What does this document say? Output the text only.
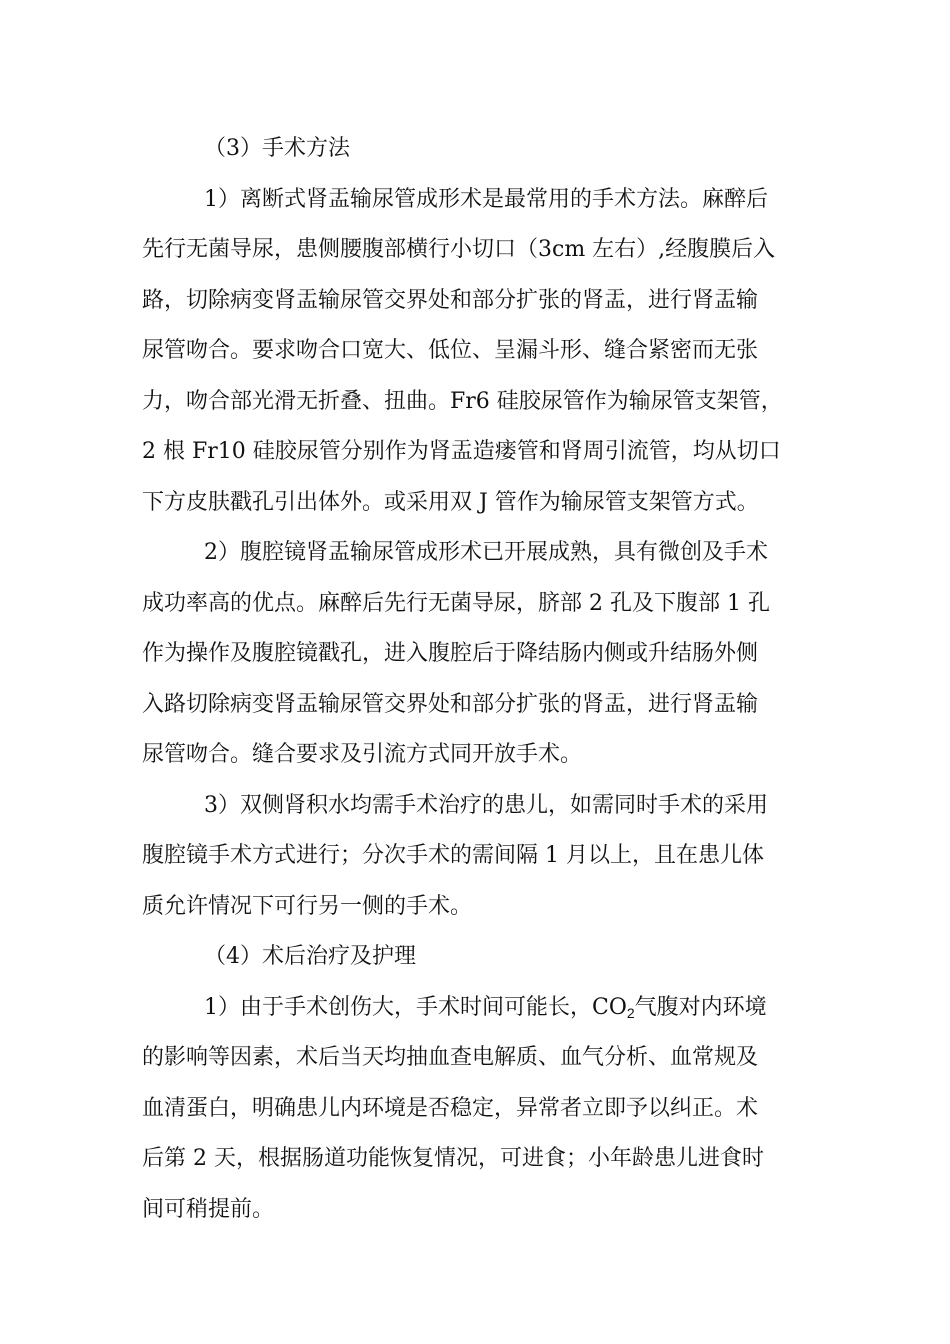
（3）手术方法
1）离断式肾盂输尿管成形术是最常用的手术方法。麻醉后
先行无菌导尿，患侧腰腹部横行小切口（3cm 左右）,经腹膜后入
路，切除病变肾盂输尿管交界处和部分扩张的肾盂，进行肾盂输
尿管吻合。要求吻合口宽大、低位、呈漏斗形、缝合紧密而无张
力，吻合部光滑无折叠、扭曲。Fr6 硅胶尿管作为输尿管支架管，
2 根 Fr10 硅胶尿管分别作为肾盂造瘘管和肾周引流管，均从切口
下方皮肤戳孔引出体外。或采用双 J 管作为输尿管支架管方式。
2）腹腔镜肾盂输尿管成形术已开展成熟，具有微创及手术
成功率高的优点。麻醉后先行无菌导尿，脐部 2 孔及下腹部 1 孔
作为操作及腹腔镜戳孔，进入腹腔后于降结肠内侧或升结肠外侧
入路切除病变肾盂输尿管交界处和部分扩张的肾盂，进行肾盂输
尿管吻合。缝合要求及引流方式同开放手术。
3）双侧肾积水均需手术治疗的患儿，如需同时手术的采用
腹腔镜手术方式进行；分次手术的需间隔 1 月以上，且在患儿体
质允许情况下可行另一侧的手术。
（4）术后治疗及护理
1）由于手术创伤大，手术时间可能长，$CO_2$气腹对内环境
的影响等因素，术后当天均抽血查电解质、血气分析、血常规及
血清蛋白，明确患儿内环境是否稳定，异常者立即予以纠正。术
后第 2 天，根据肠道功能恢复情况，可进食；小年龄患儿进食时
间可稍提前。
